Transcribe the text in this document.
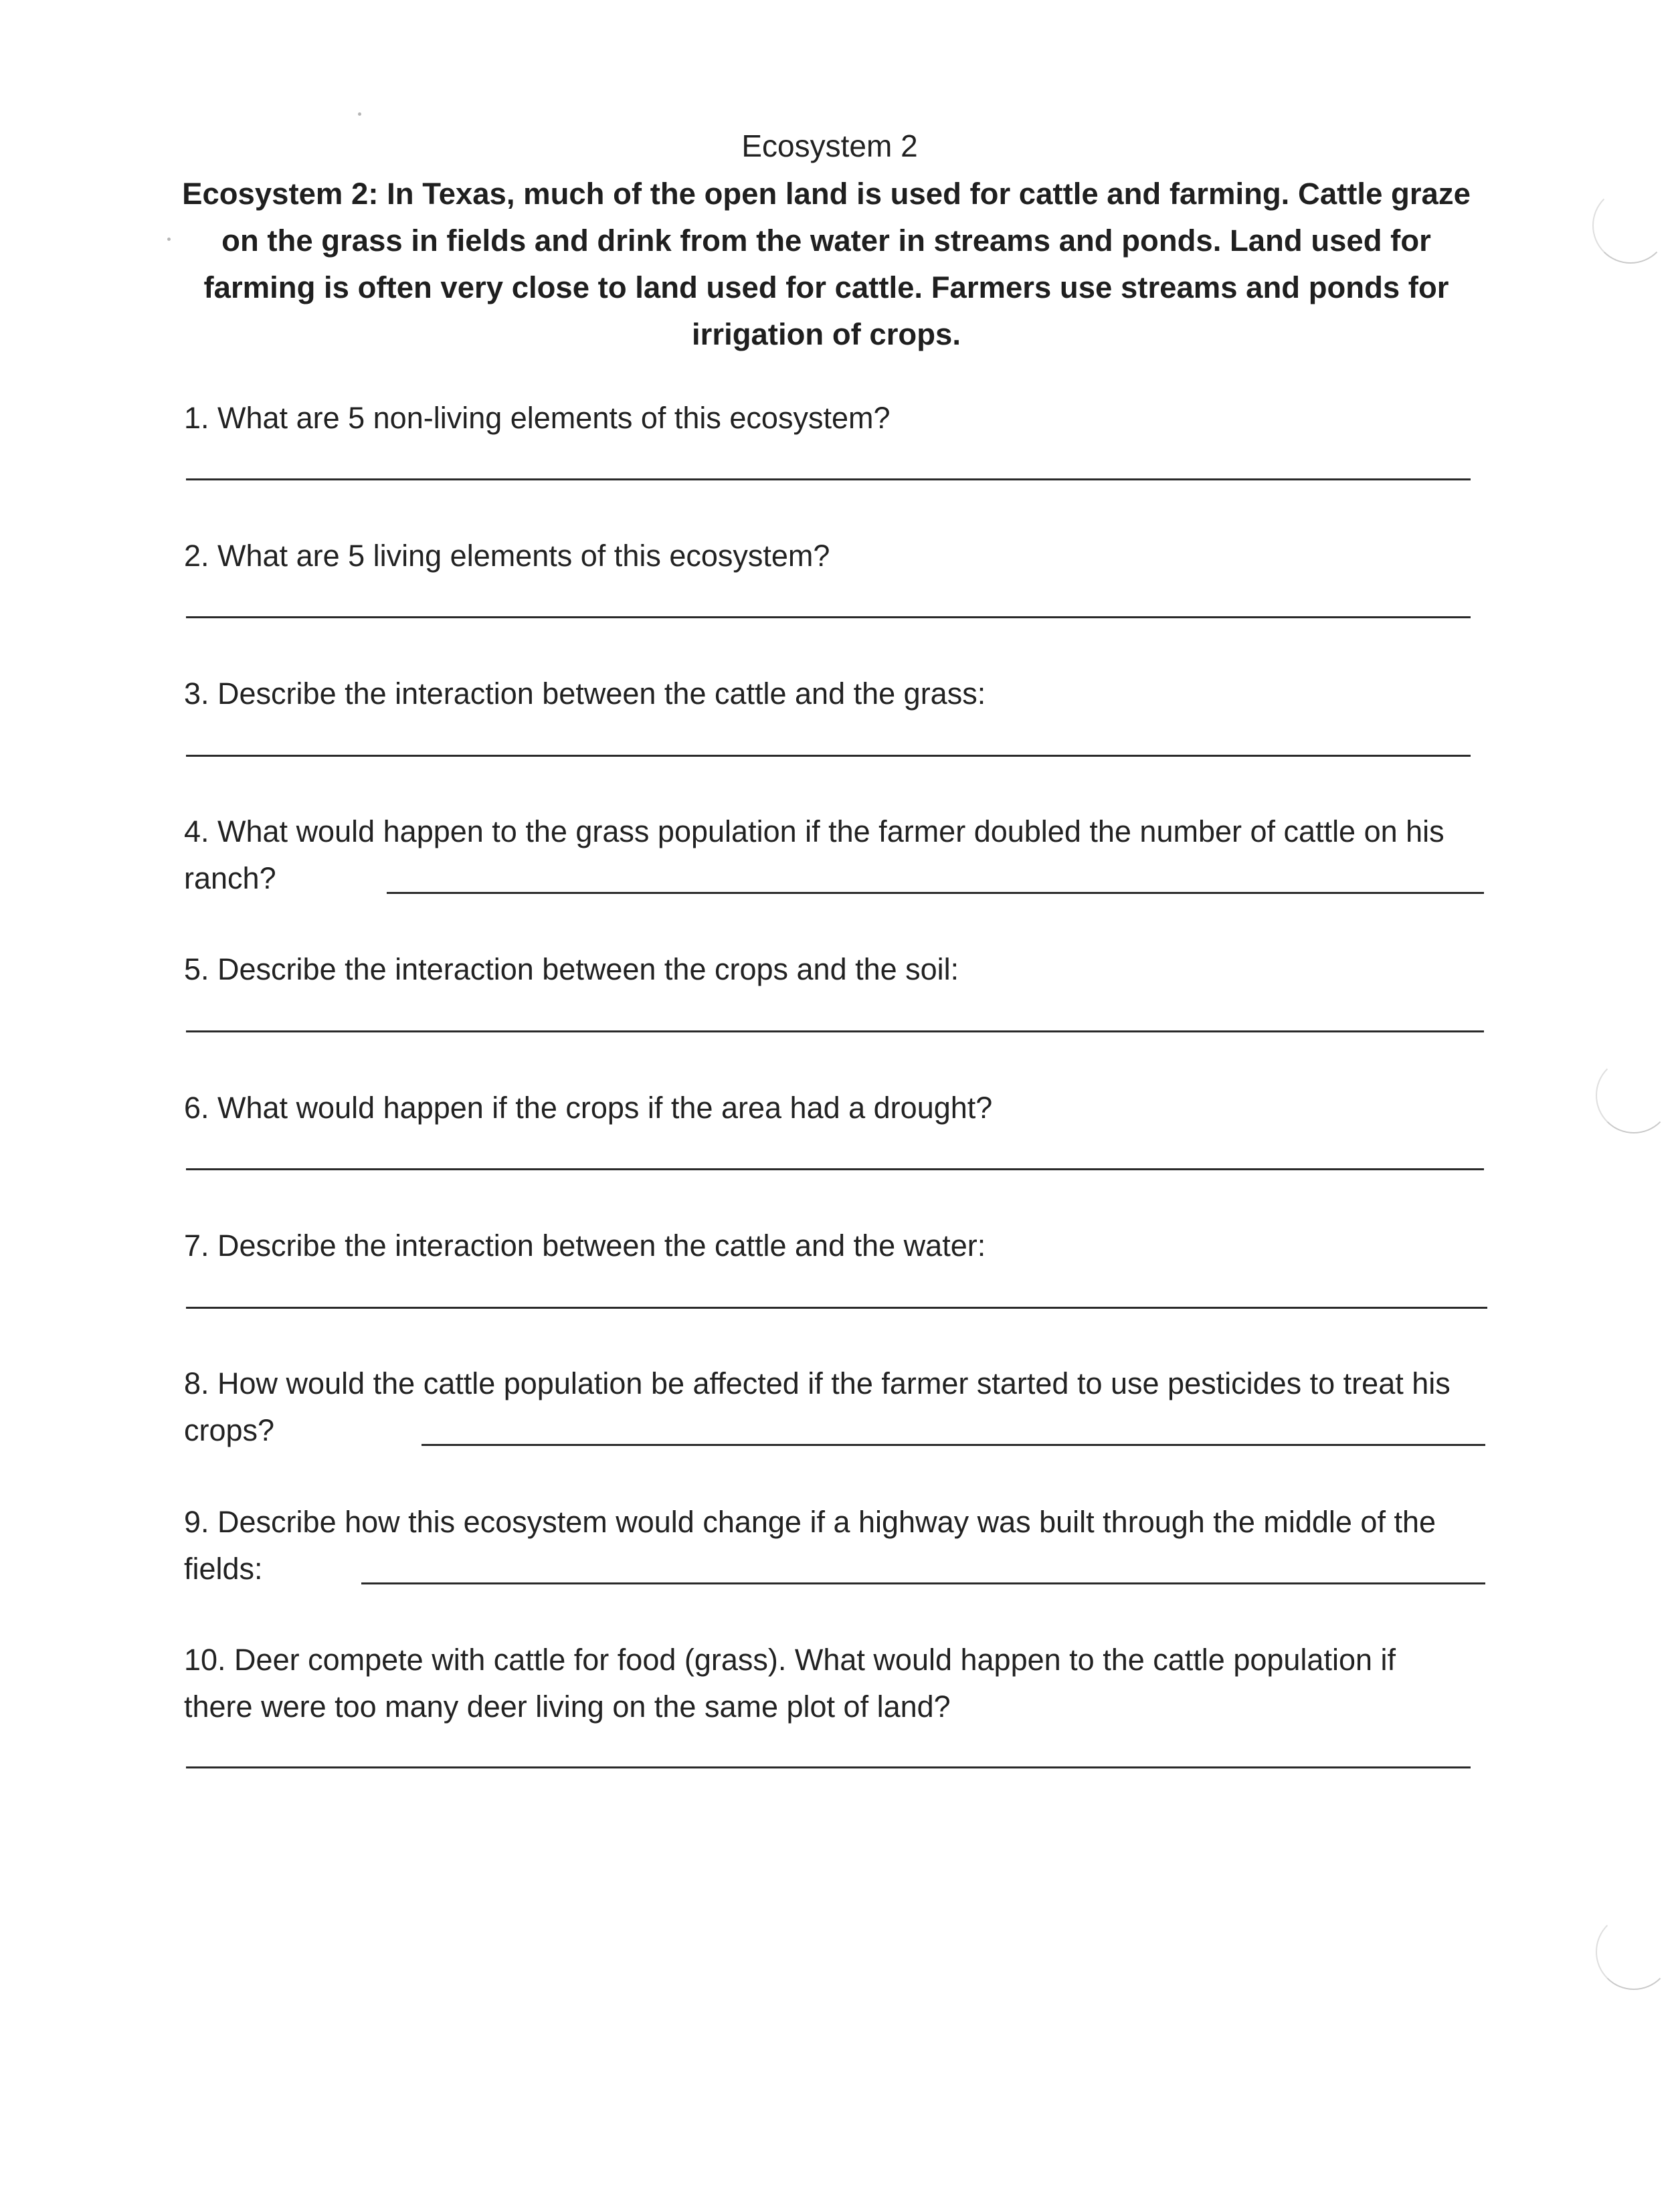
Ecosystem 2
Ecosystem 2: In Texas, much of the open land is used for cattle and farming. Cattle graze on the grass in fields and drink from the water in streams and ponds. Land used for farming is often very close to land used for cattle. Farmers use streams and ponds for irrigation of crops.
1. What are 5 non-living elements of this ecosystem?
2. What are 5 living elements of this ecosystem?
3. Describe the interaction between the cattle and the grass:
4. What would happen to the grass population if the farmer doubled the number of cattle on his ranch?
5. Describe the interaction between the crops and the soil:
6. What would happen if the crops if the area had a drought?
7. Describe the interaction between the cattle and the water:
8. How would the cattle population be affected if the farmer started to use pesticides to treat his crops?
9. Describe how this ecosystem would change if a highway was built through the middle of the fields:
10. Deer compete with cattle for food (grass). What would happen to the cattle population if there were too many deer living on the same plot of land?
